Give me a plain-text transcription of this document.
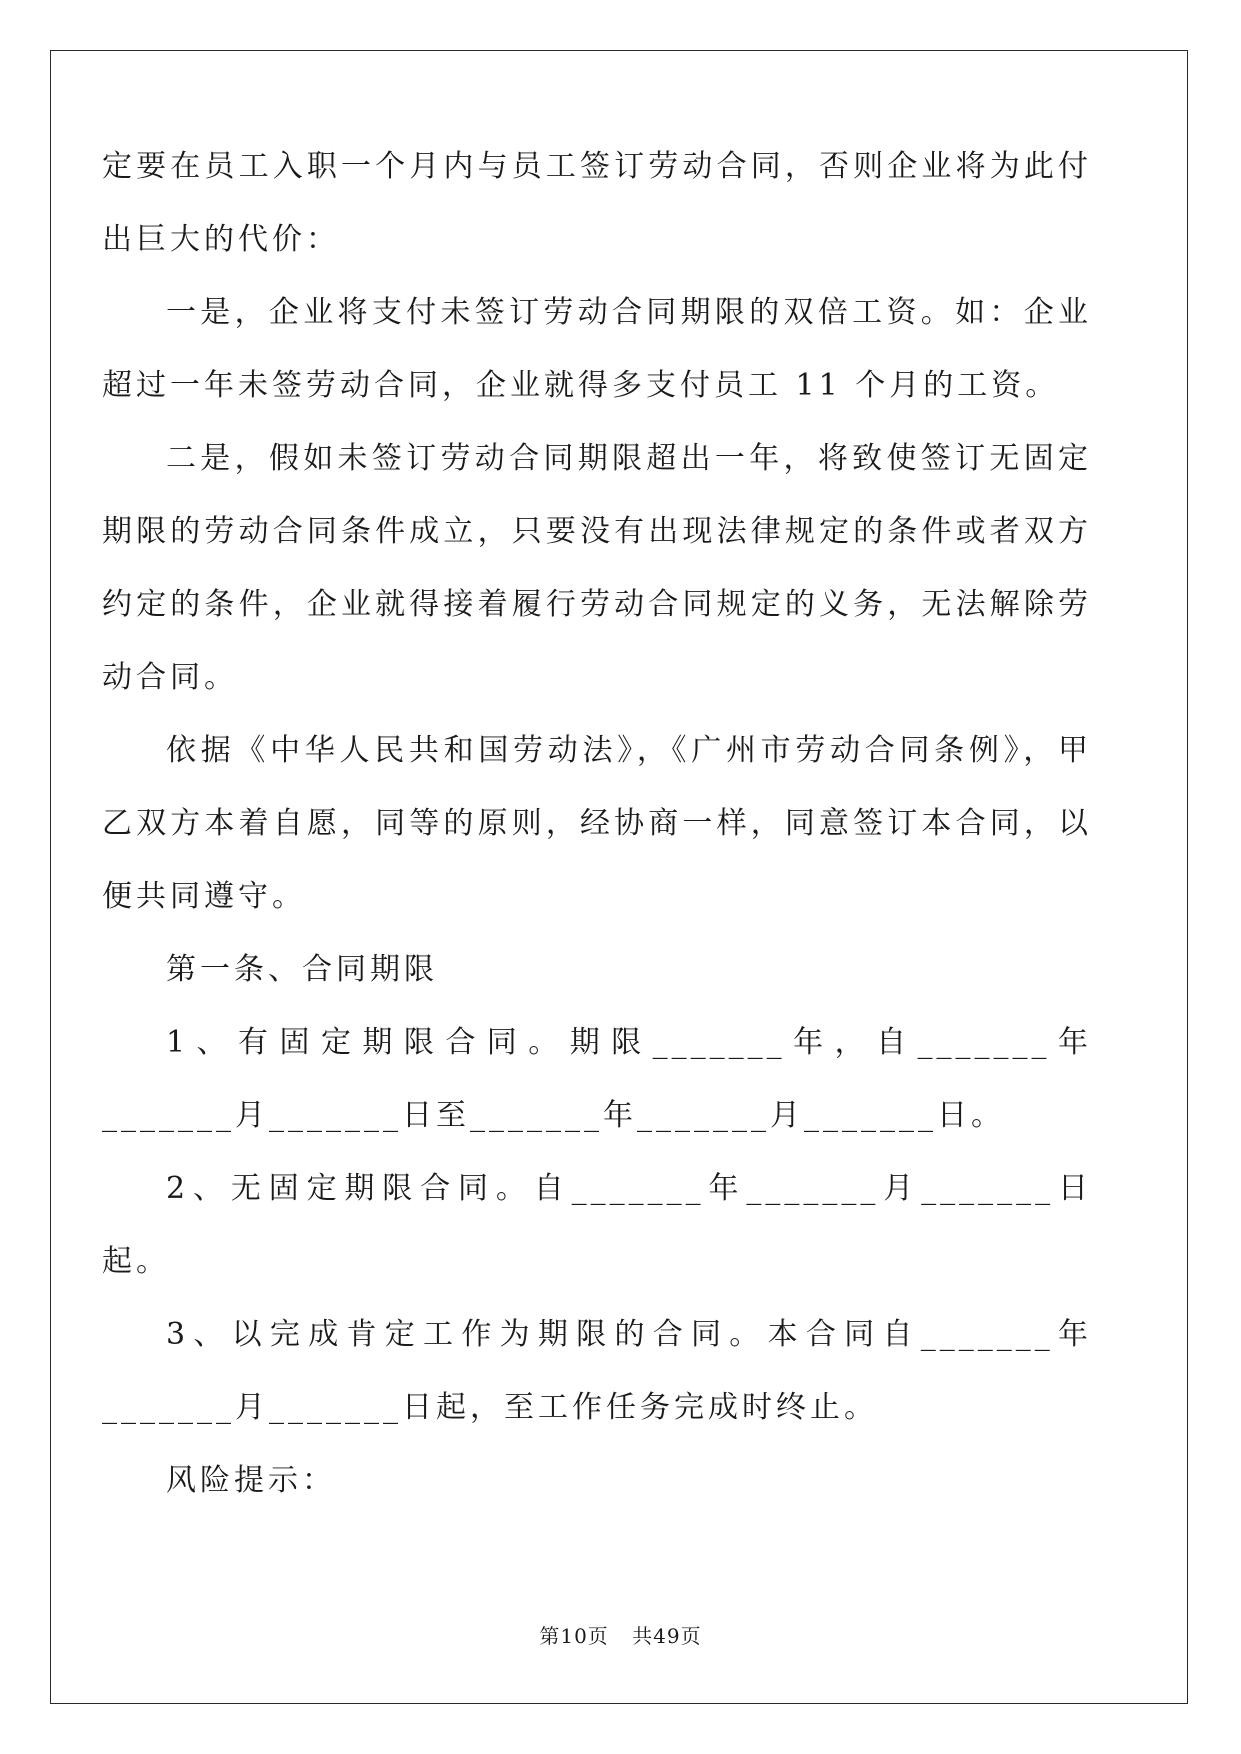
定要在员工入职一个月内与员工签订劳动合同，否则企业将为此付出巨大的代价：

一是，企业将支付未签订劳动合同期限的双倍工资。如：企业超过一年未签劳动合同，企业就得多支付员工 11 个月的工资。

二是，假如未签订劳动合同期限超出一年，将致使签订无固定期限的劳动合同条件成立，只要没有出现法律规定的条件或者双方约定的条件，企业就得接着履行劳动合同规定的义务，无法解除劳动合同。

依据《中华人民共和国劳动法》，《广州市劳动合同条例》，甲乙双方本着自愿，同等的原则，经协商一样，同意签订本合同，以便共同遵守。

第一条、合同期限

1、有固定期限合同。期限_______年，自_______年_______月_______日至_______年_______月_______日。

2、无固定期限合同。自_______年_______月_______日起。

3、以完成肯定工作为期限的合同。本合同自_______年_______月_______日起，至工作任务完成时终止。

风险提示：

第10页 共49页
